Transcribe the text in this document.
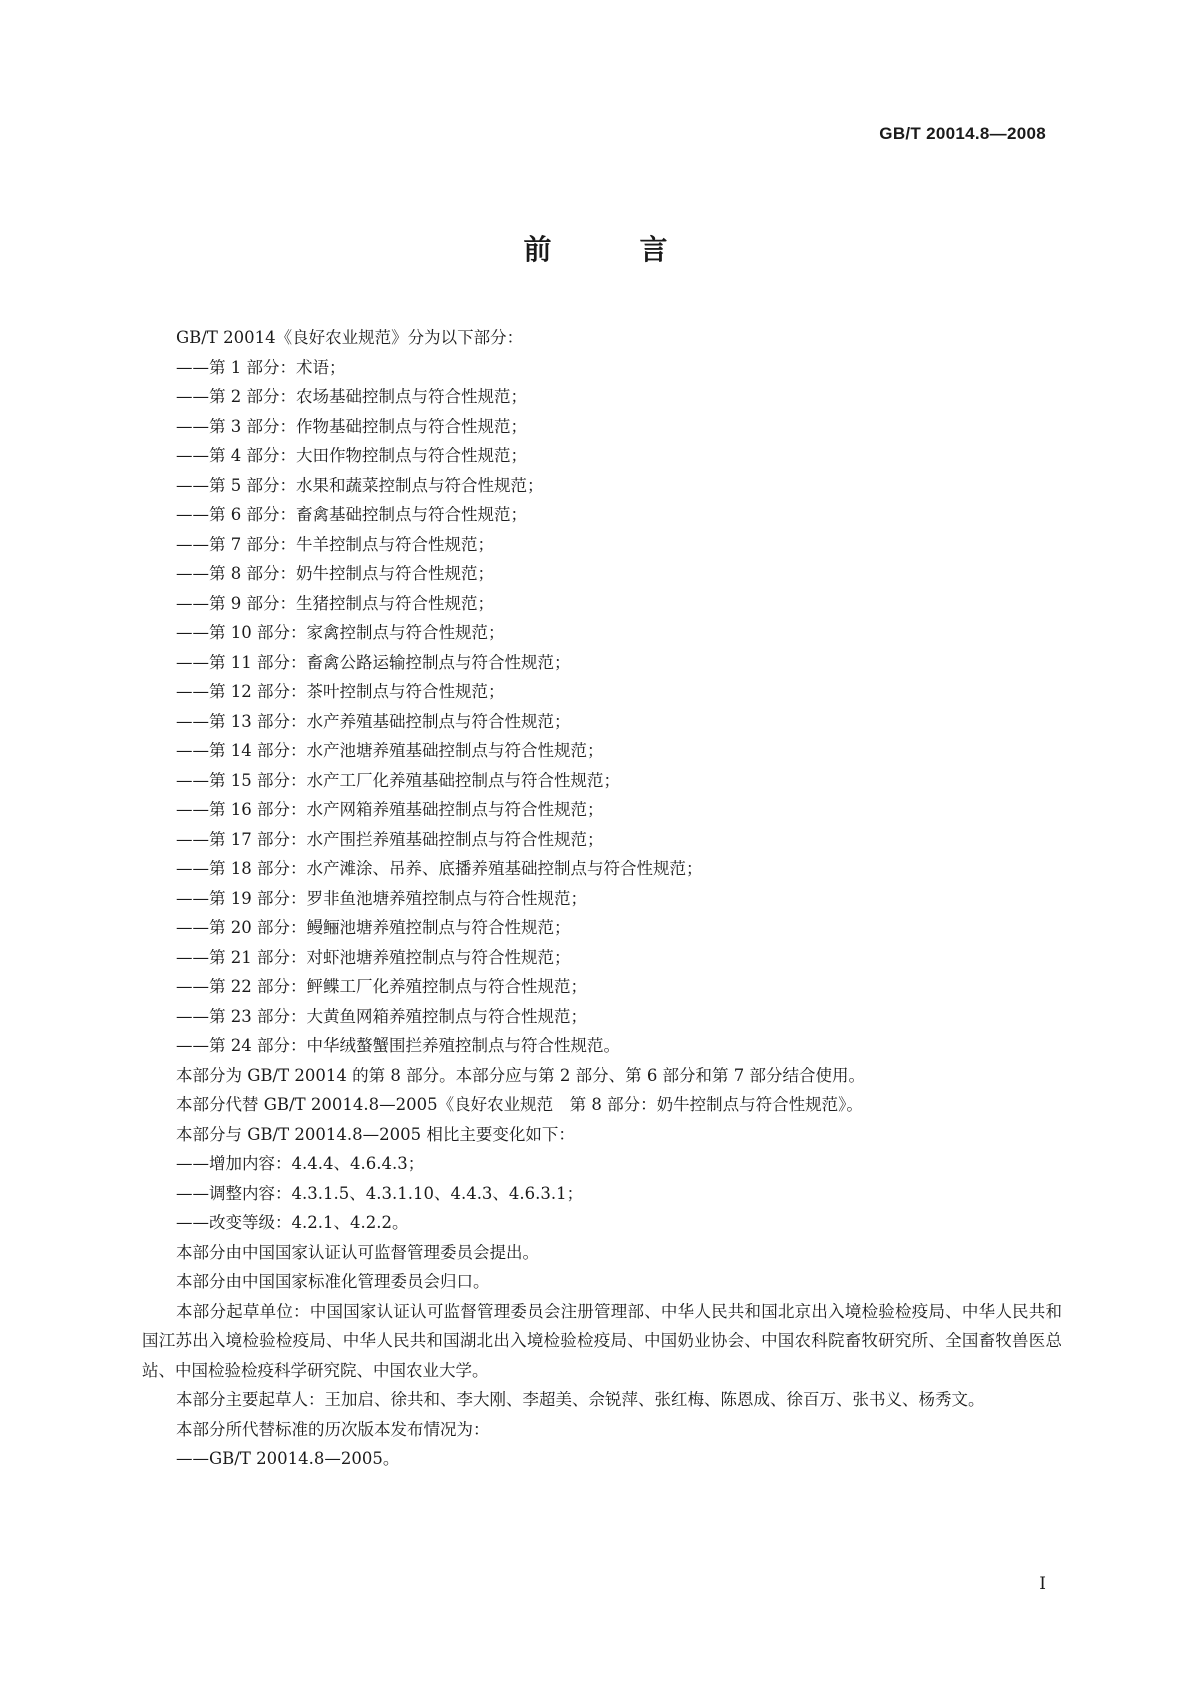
GB/T 20014.8—2008
前　言
GB/T 20014《良好农业规范》分为以下部分：
——第 1 部分：术语；
——第 2 部分：农场基础控制点与符合性规范；
——第 3 部分：作物基础控制点与符合性规范；
——第 4 部分：大田作物控制点与符合性规范；
——第 5 部分：水果和蔬菜控制点与符合性规范；
——第 6 部分：畜禽基础控制点与符合性规范；
——第 7 部分：牛羊控制点与符合性规范；
——第 8 部分：奶牛控制点与符合性规范；
——第 9 部分：生猪控制点与符合性规范；
——第 10 部分：家禽控制点与符合性规范；
——第 11 部分：畜禽公路运输控制点与符合性规范；
——第 12 部分：茶叶控制点与符合性规范；
——第 13 部分：水产养殖基础控制点与符合性规范；
——第 14 部分：水产池塘养殖基础控制点与符合性规范；
——第 15 部分：水产工厂化养殖基础控制点与符合性规范；
——第 16 部分：水产网箱养殖基础控制点与符合性规范；
——第 17 部分：水产围拦养殖基础控制点与符合性规范；
——第 18 部分：水产滩涂、吊养、底播养殖基础控制点与符合性规范；
——第 19 部分：罗非鱼池塘养殖控制点与符合性规范；
——第 20 部分：鳗鲡池塘养殖控制点与符合性规范；
——第 21 部分：对虾池塘养殖控制点与符合性规范；
——第 22 部分：鲆鲽工厂化养殖控制点与符合性规范；
——第 23 部分：大黄鱼网箱养殖控制点与符合性规范；
——第 24 部分：中华绒螯蟹围拦养殖控制点与符合性规范。
本部分为 GB/T 20014 的第 8 部分。本部分应与第 2 部分、第 6 部分和第 7 部分结合使用。
本部分代替 GB/T 20014.8—2005《良好农业规范　第 8 部分：奶牛控制点与符合性规范》。
本部分与 GB/T 20014.8—2005 相比主要变化如下：
——增加内容：4.4.4、4.6.4.3；
——调整内容：4.3.1.5、4.3.1.10、4.4.3、4.6.3.1；
——改变等级：4.2.1、4.2.2。
本部分由中国国家认证认可监督管理委员会提出。
本部分由中国国家标准化管理委员会归口。
本部分起草单位：中国国家认证认可监督管理委员会注册管理部、中华人民共和国北京出入境检验检疫局、中华人民共和国江苏出入境检验检疫局、中华人民共和国湖北出入境检验检疫局、中国奶业协会、中国农科院畜牧研究所、全国畜牧兽医总站、中国检验检疫科学研究院、中国农业大学。
本部分主要起草人：王加启、徐共和、李大刚、李超美、佘锐萍、张红梅、陈恩成、徐百万、张书义、杨秀文。
本部分所代替标准的历次版本发布情况为：
——GB/T 20014.8—2005。
I
